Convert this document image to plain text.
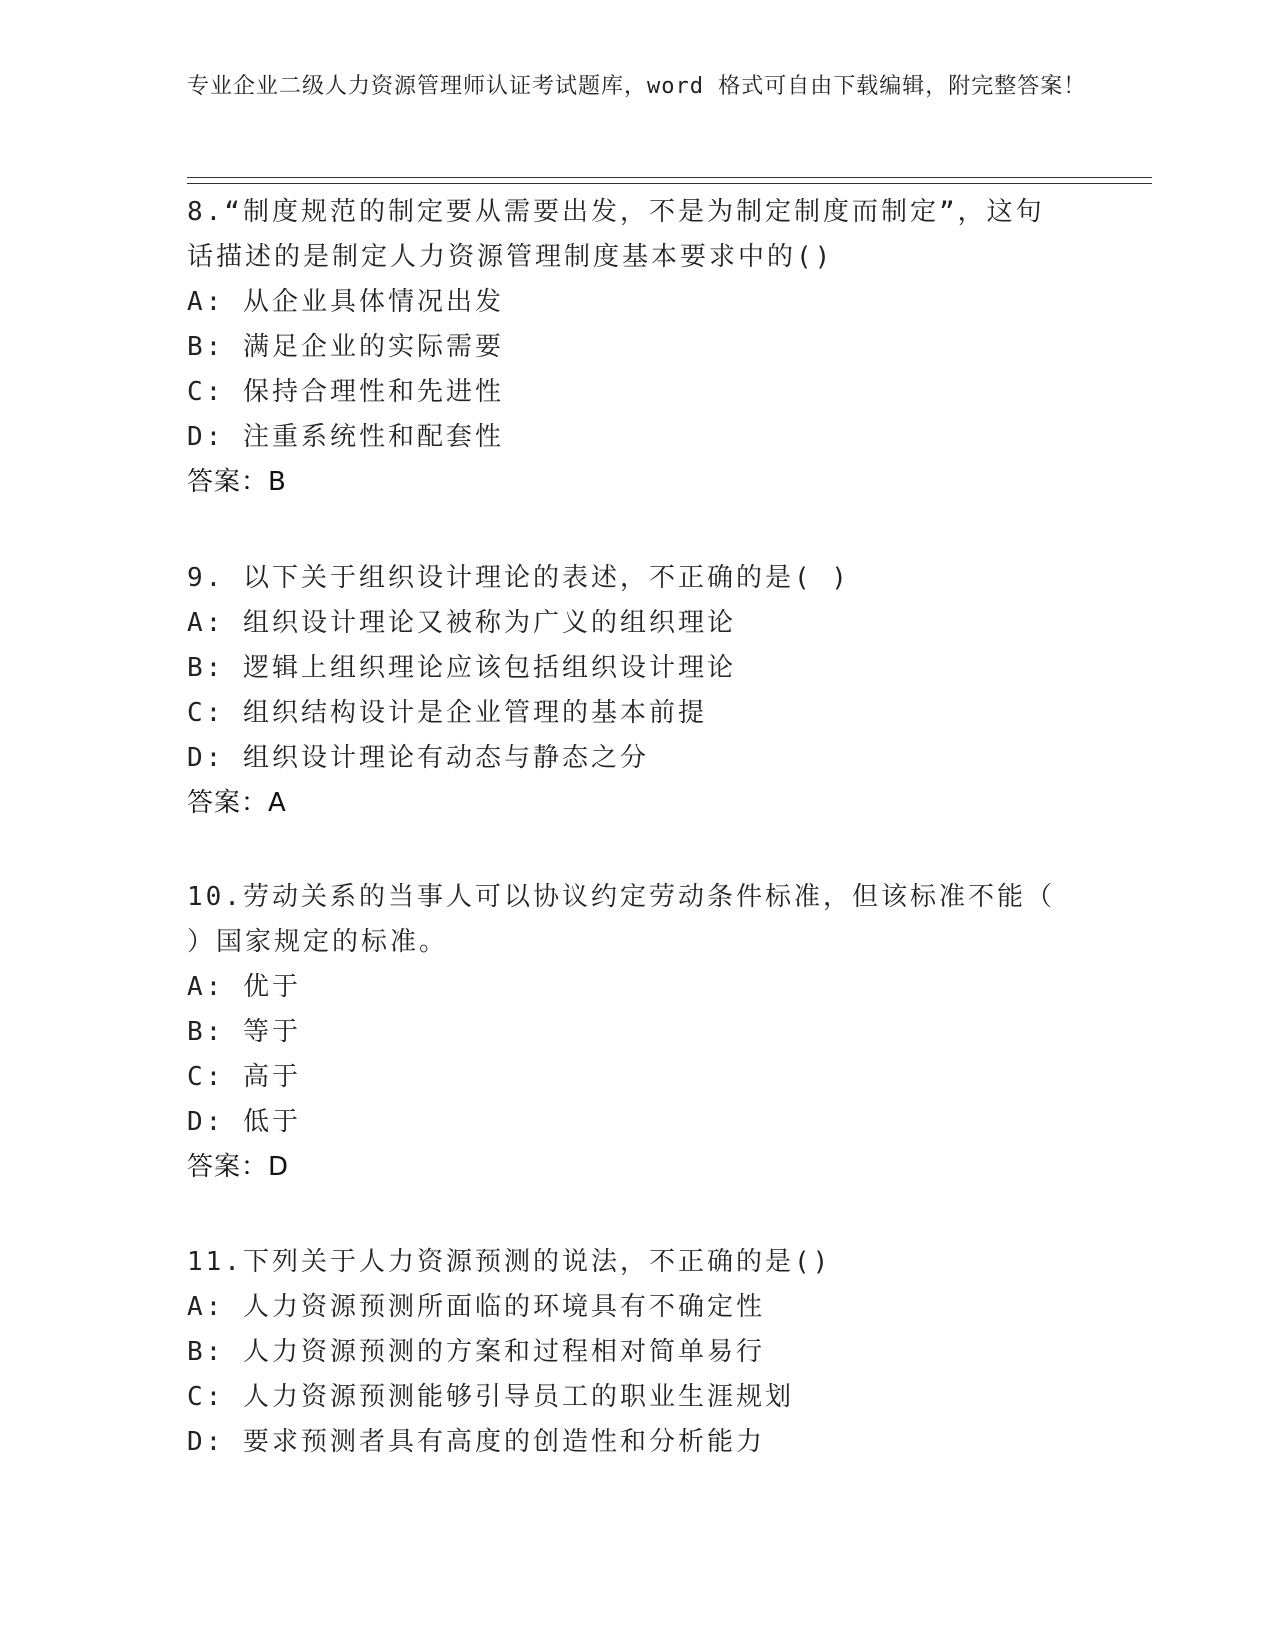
专业企业二级人力资源管理师认证考试题库，word 格式可自由下载编辑，附完整答案！
8.“制度规范的制定要从需要出发，不是为制定制度而制定”，这句话描述的是制定人力资源管理制度基本要求中的()
A: 从企业具体情况出发
B: 满足企业的实际需要
C: 保持合理性和先进性
D: 注重系统性和配套性
答案：B
9. 以下关于组织设计理论的表述，不正确的是( )
A: 组织设计理论又被称为广义的组织理论
B: 逻辑上组织理论应该包括组织设计理论
C: 组织结构设计是企业管理的基本前提
D: 组织设计理论有动态与静态之分
答案：A
10.劳动关系的当事人可以协议约定劳动条件标准，但该标准不能（ ）国家规定的标准。
A: 优于
B: 等于
C: 高于
D: 低于
答案：D
11.下列关于人力资源预测的说法，不正确的是()
A: 人力资源预测所面临的环境具有不确定性
B: 人力资源预测的方案和过程相对简单易行
C: 人力资源预测能够引导员工的职业生涯规划
D: 要求预测者具有高度的创造性和分析能力
